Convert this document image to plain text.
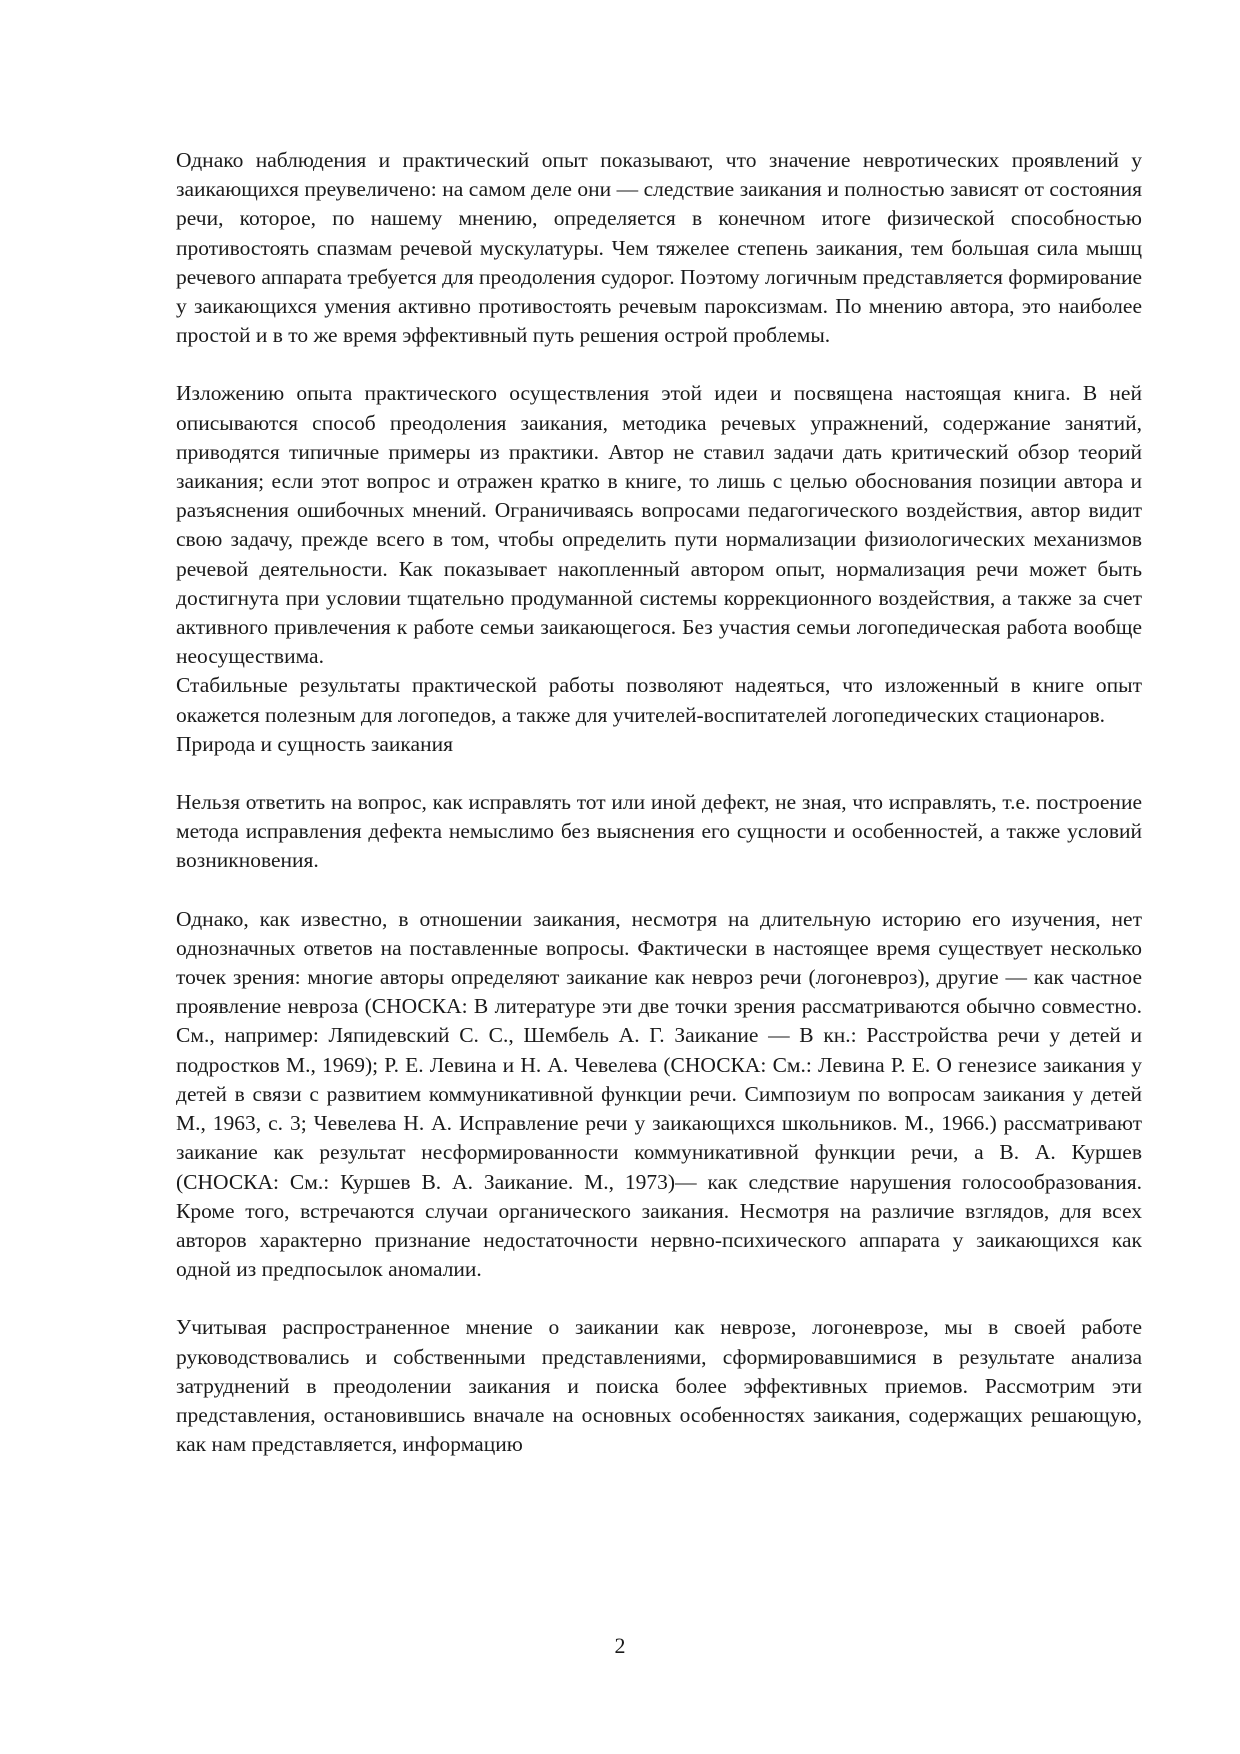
Однако наблюдения и практический опыт показывают, что значение невротических проявлений у заикающихся преувеличено: на самом деле они — следствие заикания и полностью зависят от состояния речи, которое, по нашему мнению, определяется в конечном итоге физической способностью противостоять спазмам речевой мускулатуры. Чем тяжелее степень заикания, тем большая сила мышц речевого аппарата требуется для преодоления судорог. Поэтому логичным представляется формирование у заикающихся умения активно противостоять речевым пароксизмам. По мнению автора, это наиболее простой и в то же время эффективный путь решения острой проблемы.

Изложению опыта практического осуществления этой идеи и посвящена настоящая книга. В ней описываются способ преодоления заикания, методика речевых упражнений, содержание занятий, приводятся типичные примеры из практики. Автор не ставил задачи дать критический обзор теорий заикания; если этот вопрос и отражен кратко в книге, то лишь с целью обоснования позиции автора и разъяснения ошибочных мнений. Ограничиваясь вопросами педагогического воздействия, автор видит свою задачу, прежде всего в том, чтобы определить пути нормализации физиологических механизмов речевой деятельности. Как показывает накопленный автором опыт, нормализация речи может быть достигнута при условии тщательно продуманной системы коррекционного воздействия, а также за счет активного привлечения к работе семьи заикающегося. Без участия семьи логопедическая работа вообще неосуществима.

Стабильные результаты практической работы позволяют надеяться, что изложенный в книге опыт окажется полезным для логопедов, а также для учителей-воспитателей логопедических стационаров.

Природа и сущность заикания

Нельзя ответить на вопрос, как исправлять тот или иной дефект, не зная, что исправлять, т.е. построение метода исправления дефекта немыслимо без выяснения его сущности и особенностей, а также условий возникновения.

Однако, как известно, в отношении заикания, несмотря на длительную историю его изучения, нет однозначных ответов на поставленные вопросы. Фактически в настоящее время существует несколько точек зрения: многие авторы определяют заикание как невроз речи (логоневроз), другие — как частное проявление невроза (СНОСКА: В литературе эти две точки зрения рассматриваются обычно совместно. См., например: Ляпидевский С. С., Шембель А. Г. Заикание — В кн.: Расстройства речи у детей и подростков М., 1969); Р. Е. Левина и Н. А. Чевелева (СНОСКА: См.: Левина Р. Е. О генезисе заикания у детей в связи с развитием коммуникативной функции речи. Симпозиум по вопросам заикания у детей М., 1963, с. 3; Чевелева Н. А. Исправление речи у заикающихся школьников. М., 1966.) рассматривают заикание как результат несформированности коммуникативной функции речи, а В. А. Куршев (СНОСКА: См.: Куршев В. А. Заикание. М., 1973)— как следствие нарушения голосообразования. Кроме того, встречаются случаи органического заикания. Несмотря на различие взглядов, для всех авторов характерно признание недостаточности нервно-психического аппарата у заикающихся как одной из предпосылок аномалии.

Учитывая распространенное мнение о заикании как неврозе, логоневрозе, мы в своей работе руководствовались и собственными представлениями, сформировавшимися в результате анализа затруднений в преодолении заикания и поиска более эффективных приемов. Рассмотрим эти представления, остановившись вначале на основных особенностях заикания, содержащих решающую, как нам представляется, информацию

2
